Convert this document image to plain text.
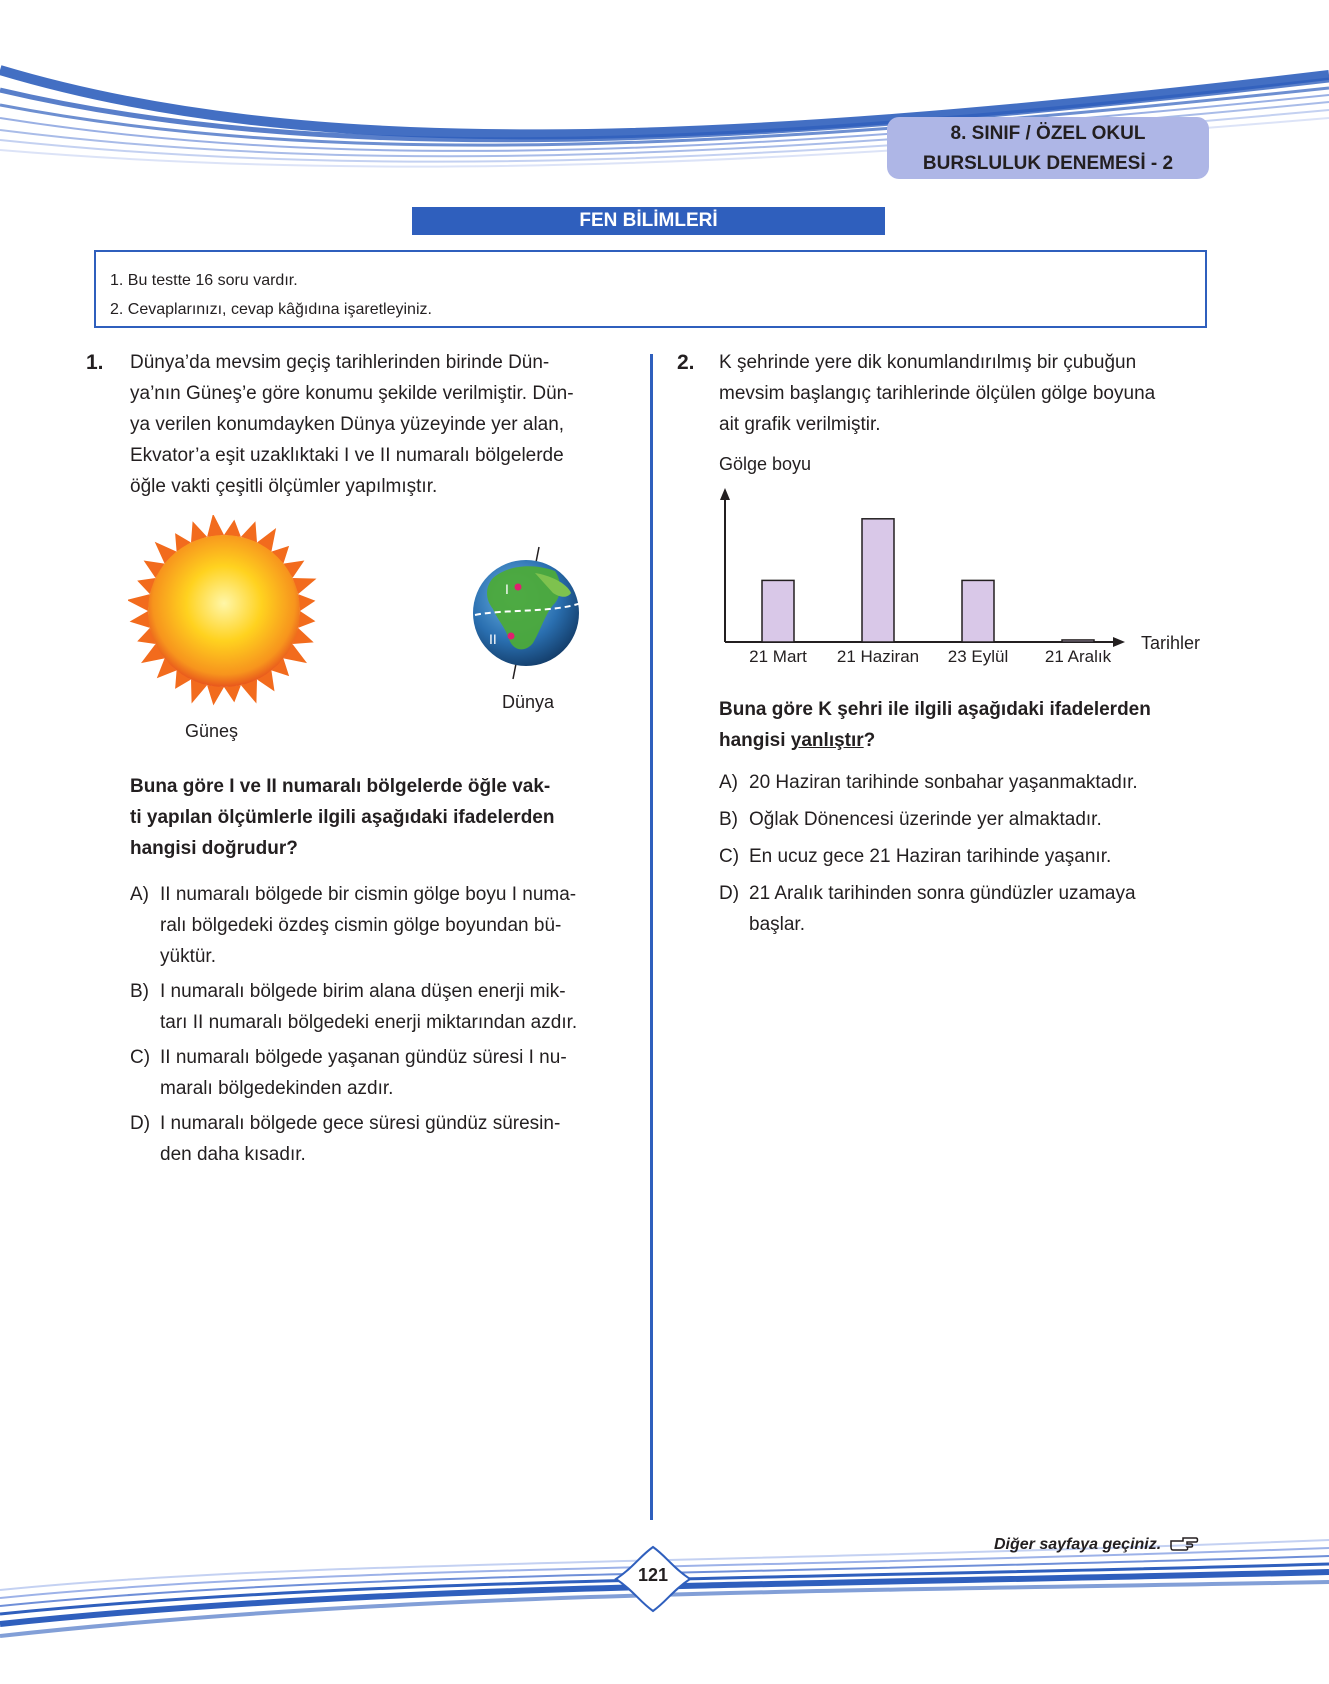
8. SINIF / ÖZEL OKUL
BURSLULUK DENEMESİ - 2
FEN BİLİMLERİ
1. Bu testte 16 soru vardır.
2. Cevaplarınızı, cevap kâğıdına işaretleyiniz.
1. Dünya’da mevsim geçiş tarihlerinden birinde Dün-
ya’nın Güneş’e göre konumu şekilde verilmiştir. Dün-
ya verilen konumdayken Dünya yüzeyinde yer alan,
Ekvator’a eşit uzaklıktaki I ve II numaralı bölgelerde
öğle vakti çeşitli ölçümler yapılmıştır.
Güneş
I
II
Dünya
Buna göre I ve II numaralı bölgelerde öğle vak-
ti yapılan ölçümlerle ilgili aşağıdaki ifadelerden
hangisi doğrudur?
A) II numaralı bölgede bir cismin gölge boyu I numa-
ralı bölgedeki özdeş cismin gölge boyundan bü-
yüktür.
B) I numaralı bölgede birim alana düşen enerji mik-
tarı II numaralı bölgedeki enerji miktarından azdır.
C) II numaralı bölgede yaşanan gündüz süresi I nu-
maralı bölgedekinden azdır.
D) I numaralı bölgede gece süresi gündüz süresin-
den daha kısadır.
2. K şehrinde yere dik konumlandırılmış bir çubuğun
mevsim başlangıç tarihlerinde ölçülen gölge boyuna
ait grafik verilmiştir.
Gölge boyu
Tarihler
21 Mart 21 Haziran 23 Eylül 21 Aralık
Buna göre K şehri ile ilgili aşağıdaki ifadelerden
hangisi yanlıştır?
A) 20 Haziran tarihinde sonbahar yaşanmaktadır.
B) Oğlak Dönencesi üzerinde yer almaktadır.
C) En ucuz gece 21 Haziran tarihinde yaşanır.
D) 21 Aralık tarihinden sonra gündüzler uzamaya
başlar.
Diğer sayfaya geçiniz.
121
